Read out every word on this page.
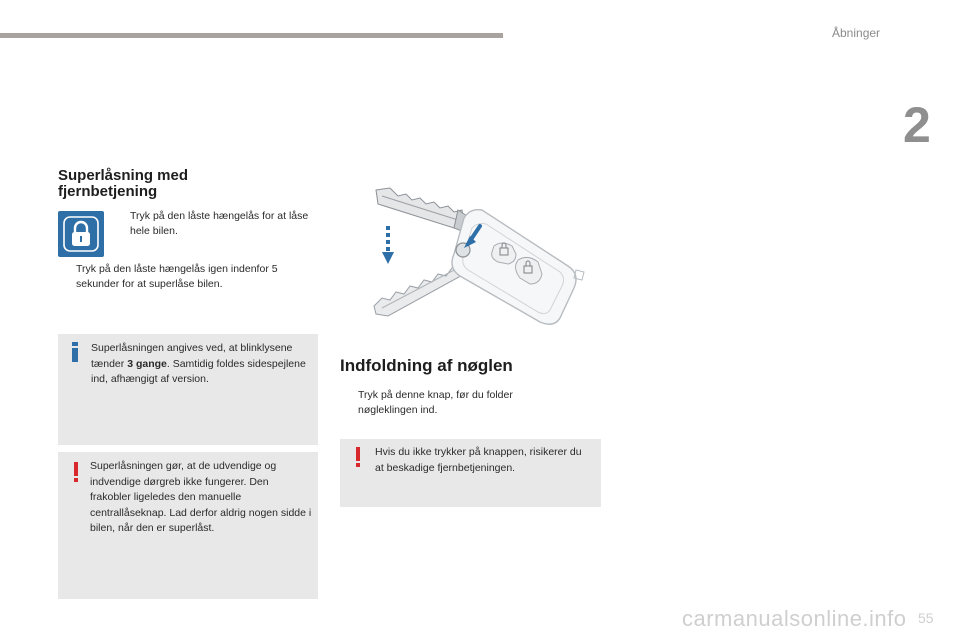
Åbninger
2
Superlåsning med
fjernbetjening
Tryk på den låste hængelås for at låse hele bilen.
Tryk på den låste hængelås igen indenfor 5 sekunder for at superlåse bilen.
Superlåsningen angives ved, at blinklysene tænder 3 gange. Samtidig foldes sidespejlene ind, afhængigt af version.
Superlåsningen gør, at de udvendige og indvendige dørgreb ikke fungerer. Den frakobler ligeledes den manuelle centrallåseknap. Lad derfor aldrig nogen sidde i bilen, når den er superlåst.
Indfoldning af nøglen
Tryk på denne knap, før du folder nøgleklingen ind.
Hvis du ikke trykker på knappen, risikerer du at beskadige fjernbetjeningen.
carmanualsonline.info 55
